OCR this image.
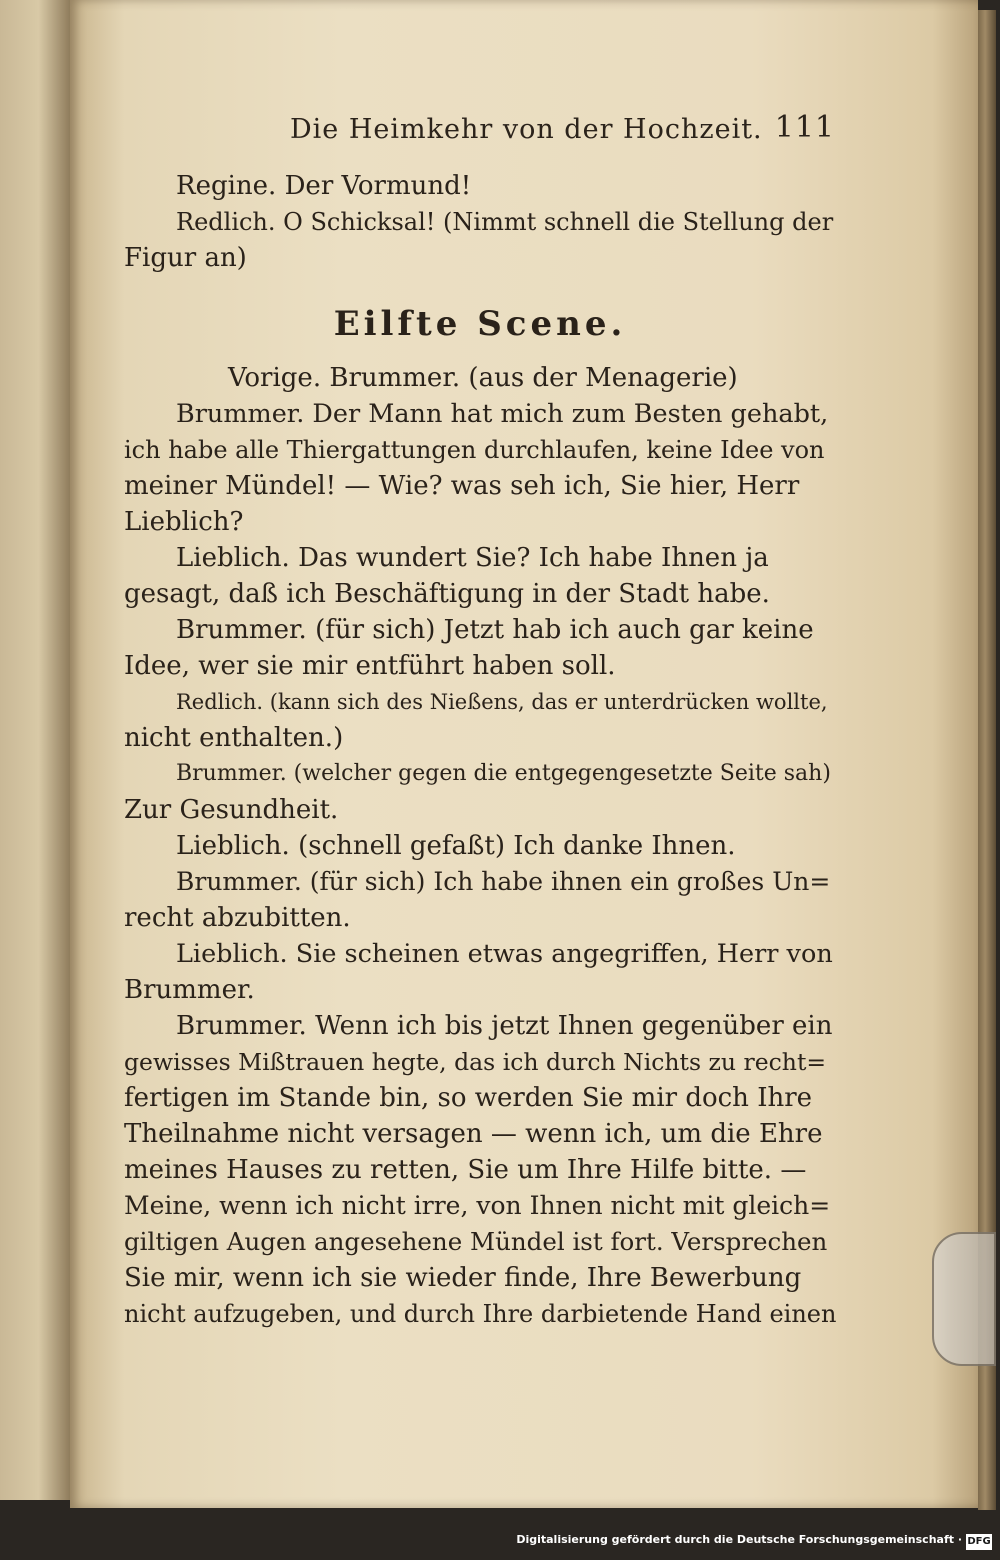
Die Heimkehr von der Hochzeit. 111
Regine. Der Vormund!
Redlich. O Schicksal! (Nimmt schnell die Stellung der
Figur an)
Eilfte Scene.
Vorige. Brummer. (aus der Menagerie)
Brummer. Der Mann hat mich zum Besten gehabt,
ich habe alle Thiergattungen durchlaufen, keine Idee von
meiner Mündel! — Wie? was seh ich, Sie hier, Herr
Lieblich?
Lieblich. Das wundert Sie? Ich habe Ihnen ja
gesagt, daß ich Beschäftigung in der Stadt habe.
Brummer. (für sich) Jetzt hab ich auch gar keine
Idee, wer sie mir entführt haben soll.
Redlich. (kann sich des Nießens, das er unterdrücken wollte,
nicht enthalten.)
Brummer. (welcher gegen die entgegengesetzte Seite sah)
Zur Gesundheit.
Lieblich. (schnell gefaßt) Ich danke Ihnen.
Brummer. (für sich) Ich habe ihnen ein großes Un=
recht abzubitten.
Lieblich. Sie scheinen etwas angegriffen, Herr von
Brummer.
Brummer. Wenn ich bis jetzt Ihnen gegenüber ein
gewisses Mißtrauen hegte, das ich durch Nichts zu recht=
fertigen im Stande bin, so werden Sie mir doch Ihre
Theilnahme nicht versagen — wenn ich, um die Ehre
meines Hauses zu retten, Sie um Ihre Hilfe bitte. —
Meine, wenn ich nicht irre, von Ihnen nicht mit gleich=
giltigen Augen angesehene Mündel ist fort. Versprechen
Sie mir, wenn ich sie wieder finde, Ihre Bewerbung
nicht aufzugeben, und durch Ihre darbietende Hand einen
Digitalisierung gefördert durch die Deutsche Forschungsgemeinschaft · DFG
